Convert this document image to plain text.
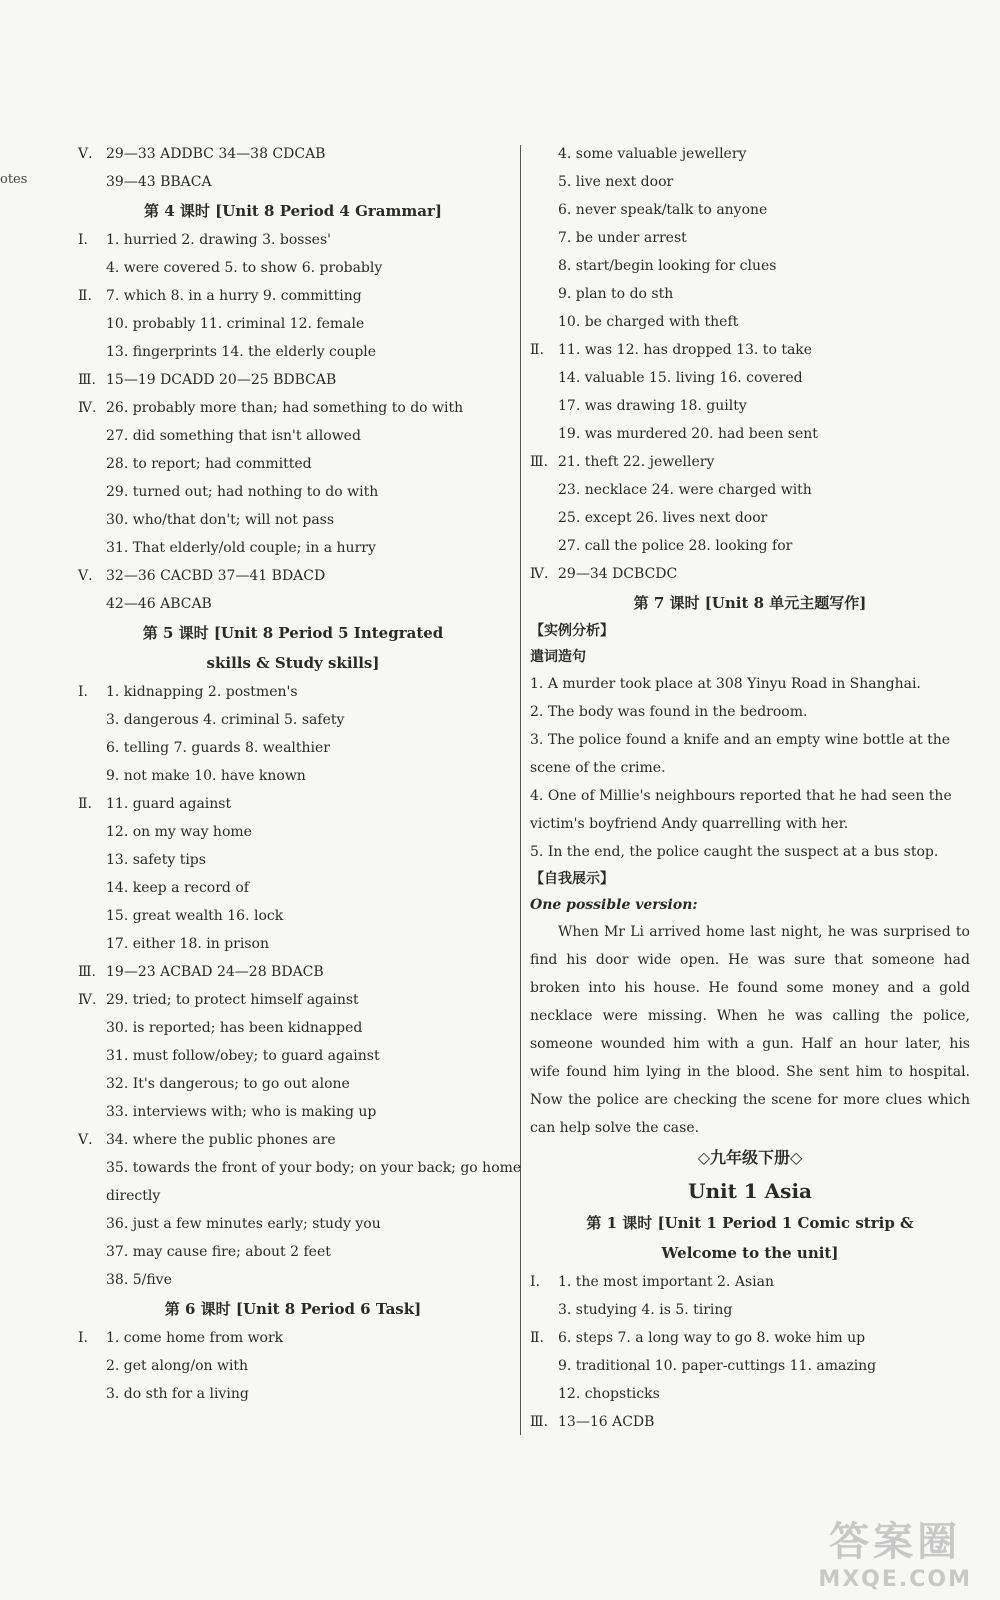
otes
Ⅴ. 29—33 ADDBC 34—38 CDCAB
39—43 BBACA
第 4 课时 [Unit 8 Period 4 Grammar]
Ⅰ. 1. hurried 2. drawing 3. bosses'
4. were covered 5. to show 6. probably
Ⅱ. 7. which 8. in a hurry 9. committing
10. probably 11. criminal 12. female
13. fingerprints 14. the elderly couple
Ⅲ. 15—19 DCADD 20—25 BDBCAB
Ⅳ. 26. probably more than; had something to do with
27. did something that isn't allowed
28. to report; had committed
29. turned out; had nothing to do with
30. who/that don't; will not pass
31. That elderly/old couple; in a hurry
Ⅴ. 32—36 CACBD 37—41 BDACD
42—46 ABCAB
第 5 课时 [Unit 8 Period 5 Integrated
skills & Study skills]
Ⅰ. 1. kidnapping 2. postmen's
3. dangerous 4. criminal 5. safety
6. telling 7. guards 8. wealthier
9. not make 10. have known
Ⅱ. 11. guard against
12. on my way home
13. safety tips
14. keep a record of
15. great wealth 16. lock
17. either 18. in prison
Ⅲ. 19—23 ACBAD 24—28 BDACB
Ⅳ. 29. tried; to protect himself against
30. is reported; has been kidnapped
31. must follow/obey; to guard against
32. It's dangerous; to go out alone
33. interviews with; who is making up
Ⅴ. 34. where the public phones are
35. towards the front of your body; on your back; go home
directly
36. just a few minutes early; study you
37. may cause fire; about 2 feet
38. 5/five
第 6 课时 [Unit 8 Period 6 Task]
Ⅰ. 1. come home from work
2. get along/on with
3. do sth for a living
4. some valuable jewellery
5. live next door
6. never speak/talk to anyone
7. be under arrest
8. start/begin looking for clues
9. plan to do sth
10. be charged with theft
Ⅱ. 11. was 12. has dropped 13. to take
14. valuable 15. living 16. covered
17. was drawing 18. guilty
19. was murdered 20. had been sent
Ⅲ. 21. theft 22. jewellery
23. necklace 24. were charged with
25. except 26. lives next door
27. call the police 28. looking for
Ⅳ. 29—34 DCBCDC
第 7 课时 [Unit 8 单元主题写作]
【实例分析】
遣词造句
1. A murder took place at 308 Yinyu Road in Shanghai.
2. The body was found in the bedroom.
3. The police found a knife and an empty wine bottle at the scene of the crime.
4. One of Millie's neighbours reported that he had seen the victim's boyfriend Andy quarrelling with her.
5. In the end, the police caught the suspect at a bus stop.
【自我展示】
One possible version:

When Mr Li arrived home last night, he was surprised to find his door wide open. He was sure that someone had broken into his house. He found some money and a gold necklace were missing. When he was calling the police, someone wounded him with a gun. Half an hour later, his wife found him lying in the blood. She sent him to hospital. Now the police are checking the scene for more clues which can help solve the case.

◇九年级下册◇
Unit 1 Asia
第 1 课时 [Unit 1 Period 1 Comic strip &
Welcome to the unit]
Ⅰ. 1. the most important 2. Asian
3. studying 4. is 5. tiring
Ⅱ. 6. steps 7. a long way to go 8. woke him up
9. traditional 10. paper-cuttings 11. amazing
12. chopsticks
Ⅲ. 13—16 ACDB
答案圈
MXQE.COM
